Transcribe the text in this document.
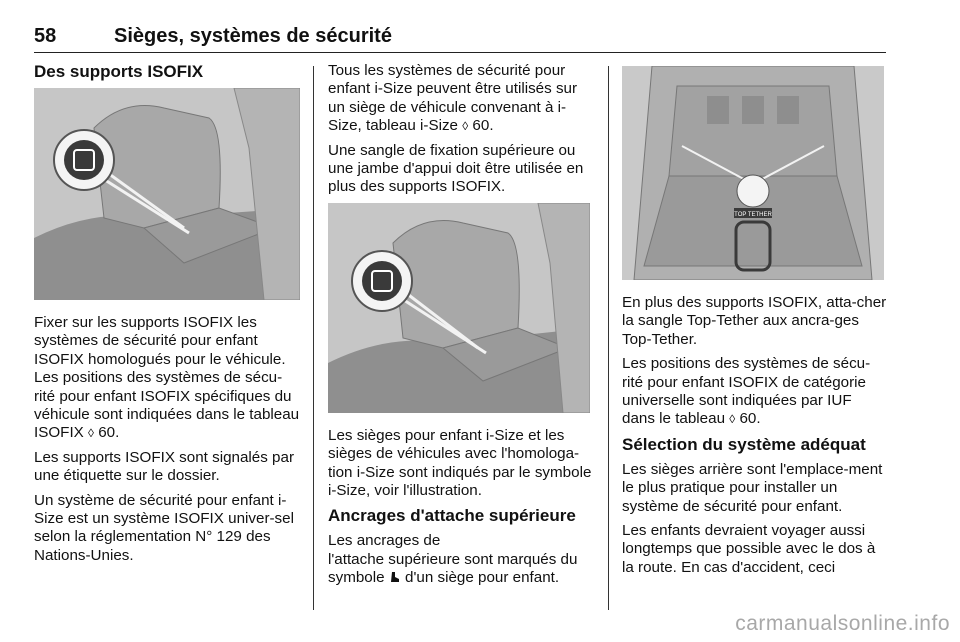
58	Sièges, systèmes de sécurité
Des supports ISOFIX

Fixer sur les supports ISOFIX les systèmes de sécurité pour enfant ISOFIX homologués pour le véhicule. Les positions des systèmes de sécu-rité pour enfant ISOFIX spécifiques du véhicule sont indiquées dans le tableau ISOFIX ◊ 60.

Les supports ISOFIX sont signalés par une étiquette sur le dossier.

Un système de sécurité pour enfant i-Size est un système ISOFIX univer-sel selon la réglementation N° 129 des Nations-Unies.

Tous les systèmes de sécurité pour enfant i-Size peuvent être utilisés sur un siège de véhicule convenant à i-Size, tableau i-Size ◊ 60.

Une sangle de fixation supérieure ou une jambe d'appui doit être utilisée en plus des supports ISOFIX.

Les sièges pour enfant i-Size et les sièges de véhicules avec l'homologa-tion i-Size sont indiqués par le symbole i-Size, voir l'illustration.

Ancrages d'attache supérieure

Les ancrages de
l'attache supérieure sont marqués du symbole d'un siège pour enfant.

TOP TETHER

En plus des supports ISOFIX, atta-cher la sangle Top-Tether aux ancra-ges Top-Tether.

Les positions des systèmes de sécu-rité pour enfant ISOFIX de catégorie universelle sont indiquées par IUF dans le tableau ◊ 60.

Sélection du système adéquat

Les sièges arrière sont l'emplace-ment le plus pratique pour installer un système de sécurité pour enfant.

Les enfants devraient voyager aussi longtemps que possible avec le dos à la route. En cas d'accident, ceci

carmanualsonline.info
